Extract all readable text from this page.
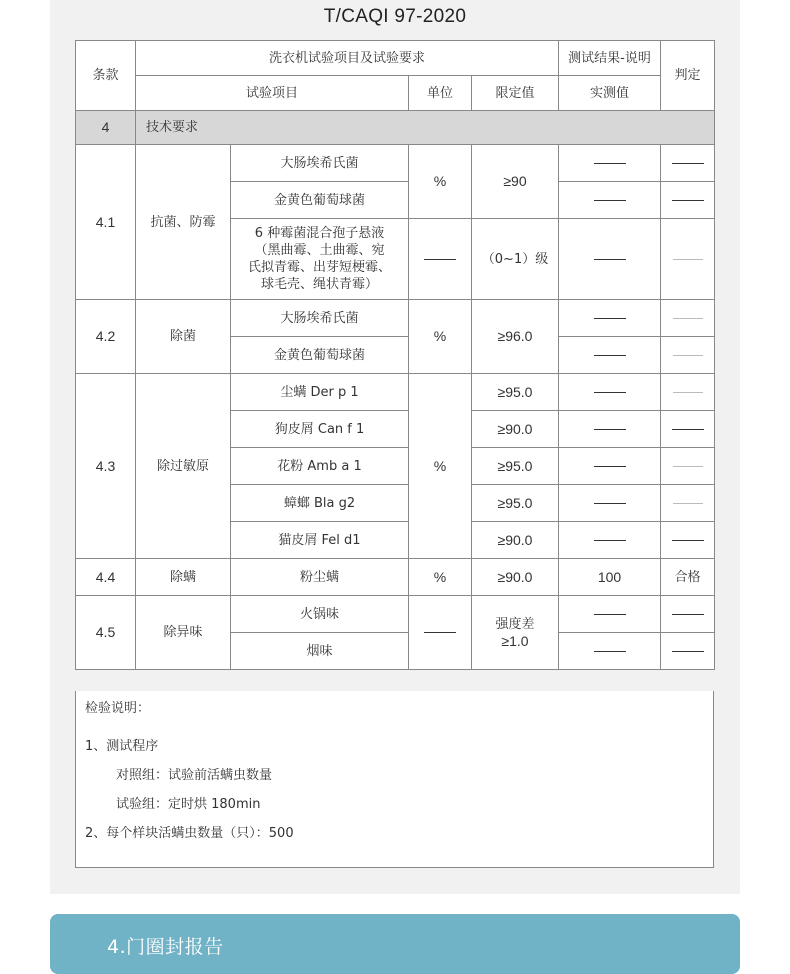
T/CAQI 97-2020
条款	洗衣机试验项目及试验要求				测试结果-说明	判定
	试验项目		单位	限定值	实测值	
4	技术要求					
4.1	抗菌、防霉	大肠埃希氏菌	%	≥90		
		金黄色葡萄球菌				

		6 种霉菌混合孢子悬液
（黑曲霉、土曲霉、宛
氏拟青霉、出芽短梗霉、
球毛壳、绳状青霉）		（0~1）级		
4.2	除菌	大肠埃希氏菌	%	≥96.0		
		金黄色葡萄球菌				
4.3	除过敏原	尘螨 Der p 1	%	≥95.0		
		狗皮屑 Can f 1		≥90.0		
		花粉 Amb a 1		≥95.0		
		蟑螂 Bla g2		≥95.0		
		猫皮屑 Fel d1		≥90.0		
4.4	除螨	粉尘螨	%	≥90.0	100	合格
4.5	除异味	火锅味		强度差
≥1.0		

		烟味				
检验说明：
1、测试程序
对照组：试验前活螨虫数量
试验组：定时烘 180min
2、每个样块活螨虫数量（只）：500
4.门圈封报告
